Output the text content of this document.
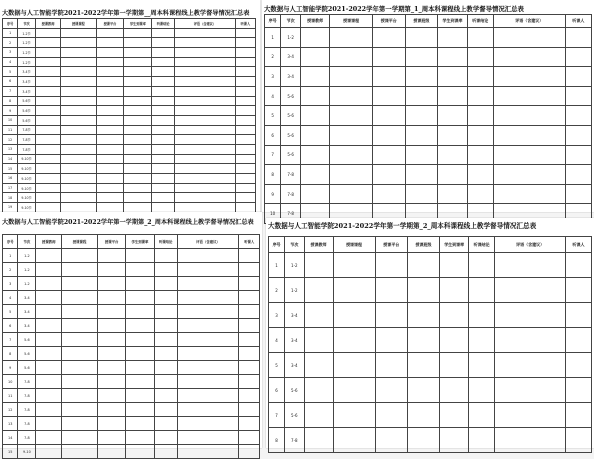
大数据与人工智能学院2021-2022学年第一学期第__周本科课程线上教学督导情况汇总表
序号	节次	授课教师	授课课程	授课平台	学生到课率	听课结论	评语（含建议）	听课人
1	1-2节							
2	1-2节							
3	1-2节							
4	1-2节							
5	3-4节							
6	3-4节							
7	3-4节							
8	5-6节							
9	5-6节							
10	5-6节							
11	7-8节							
12	7-8节							
13	7-8节							
14	9-10节							
15	9-10节							
16	9-10节							
17	9-10节							
18	9-10节							
19	9-10节							

大数据与人工智能学院2021-2022学年第一学期第_1_周本科课程线上教学督导情况汇总表
序号	节次	授课教师	授课课程	授课平台	授课班级	学生到课率	听课结论	评语（含建议）	听课人
1	1-2								
2	3-4								
3	3-4								
4	5-6								
5	5-6								
6	5-6								
7	5-6								
8	7-8								
9	7-8								
10	7-8								
大数据与人工智能学院2021-2022学年第一学期第_2_周本科课程线上教学督导情况汇总表
序号	节次	授课教师	授课课程	授课平台	学生到课率	听课结论	评语（含建议）	听课人
1	1-2							
2	1-2							
3	1-2							
4	3-4							
5	3-4							
6	3-4							
7	5-6							
8	5-6							
9	5-6							
10	7-8							
11	7-8							
12	7-8							
13	7-8							
14	7-8							
15	9-10							
大数据与人工智能学院2021-2022学年第一学期第_2_周本科课程线上教学督导情况汇总表
序号	节次	授课教师	授课课程	授课平台	授课班级	学生到课率	听课结论	评语（含建议）	听课人
1	1-2								
2	1-2								
3	3-4								
4	3-4								
5	3-4								
6	5-6								
7	5-6								
8	7-8								
